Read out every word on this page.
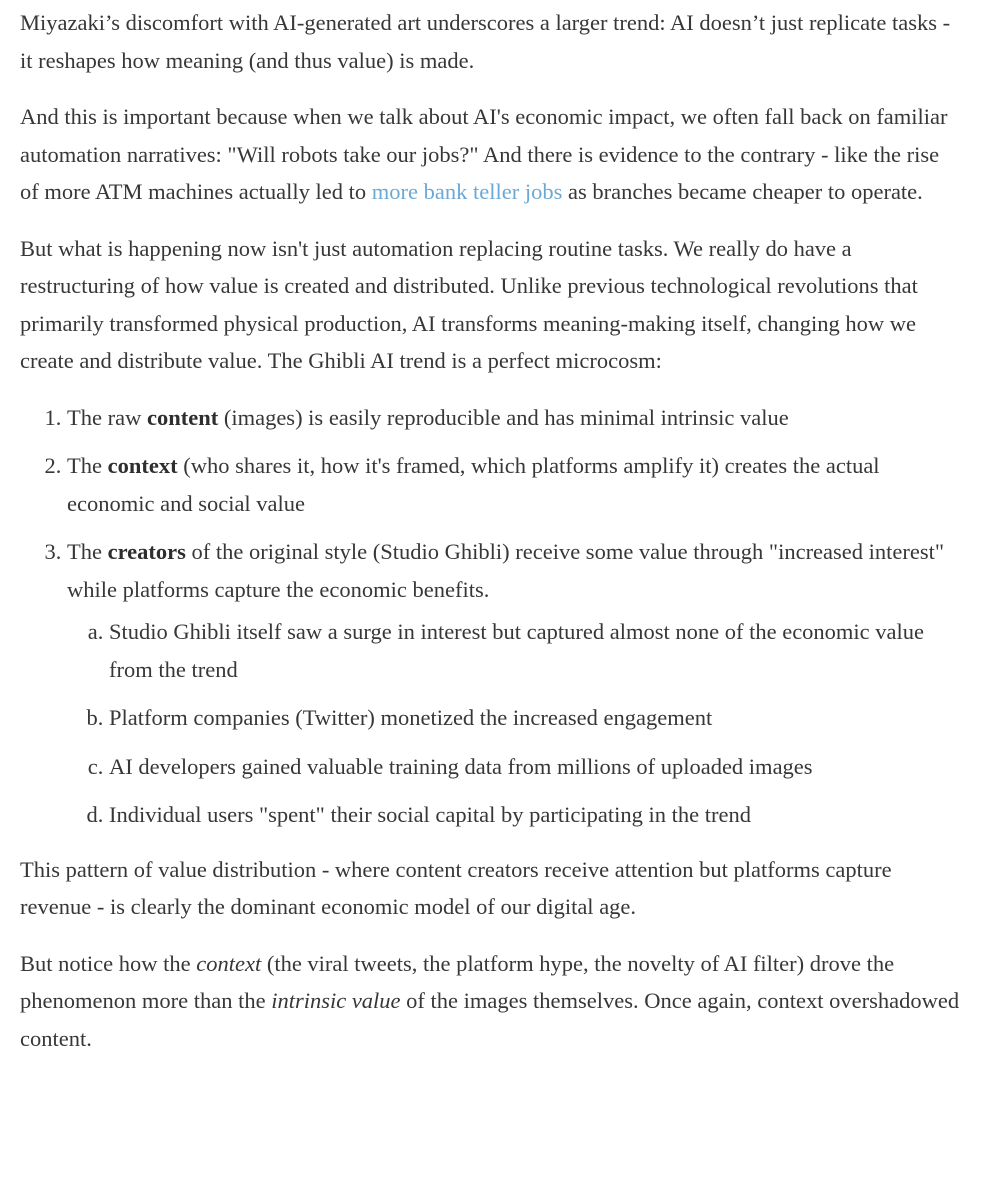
Miyazaki’s discomfort with AI-generated art underscores a larger trend: AI doesn’t just replicate tasks - it reshapes how meaning (and thus value) is made.

And this is important because when we talk about AI's economic impact, we often fall back on familiar automation narratives: "Will robots take our jobs?" And there is evidence to the contrary - like the rise of more ATM machines actually led to more bank teller jobs as branches became cheaper to operate.

But what is happening now isn't just automation replacing routine tasks. We really do have a restructuring of how value is created and distributed. Unlike previous technological revolutions that primarily transformed physical production, AI transforms meaning-making itself, changing how we create and distribute value. The Ghibli AI trend is a perfect microcosm:

1. The raw content (images) is easily reproducible and has minimal intrinsic value
2. The context (who shares it, how it's framed, which platforms amplify it) creates the actual economic and social value
3. The creators of the original style (Studio Ghibli) receive some value through "increased interest" while platforms capture the economic benefits.
a. Studio Ghibli itself saw a surge in interest but captured almost none of the economic value from the trend
b. Platform companies (Twitter) monetized the increased engagement
c. AI developers gained valuable training data from millions of uploaded images
d. Individual users "spent" their social capital by participating in the trend

This pattern of value distribution - where content creators receive attention but platforms capture revenue - is clearly the dominant economic model of our digital age.

But notice how the context (the viral tweets, the platform hype, the novelty of AI filter) drove the phenomenon more than the intrinsic value of the images themselves. Once again, context overshadowed content.
